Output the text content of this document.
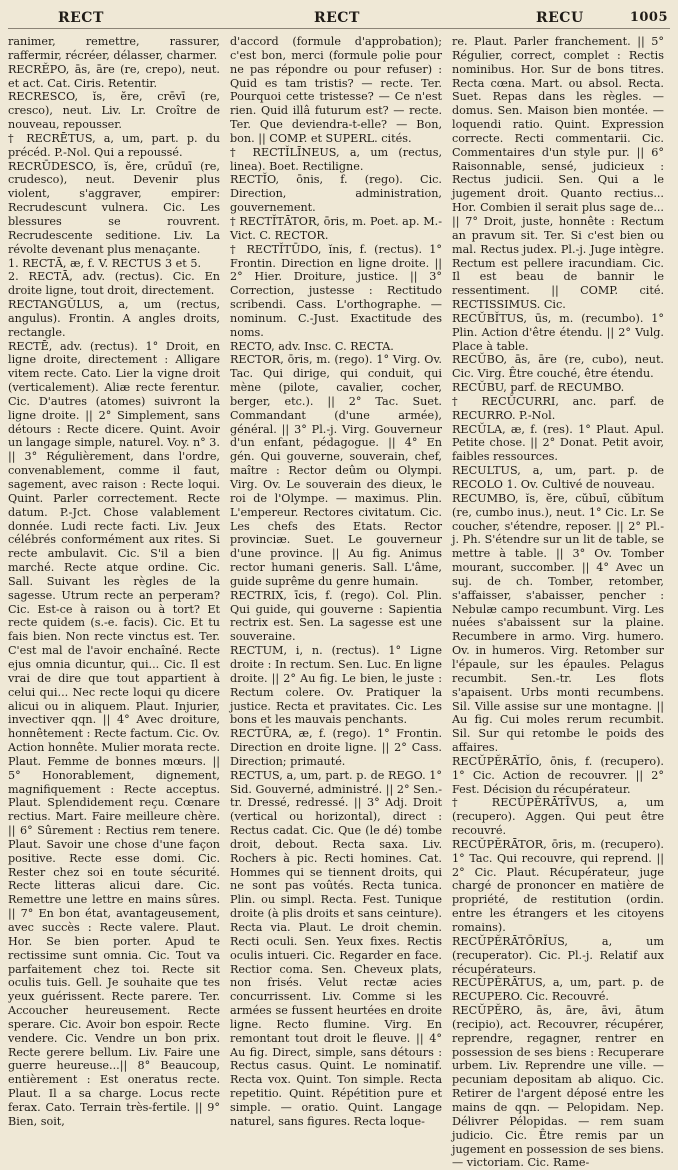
RECT	RECT	RECU	1005

ranimer, remettre, rassurer, raffermir, récréer, délasser, charmer.

RECRĔPO, ās, āre (re, crepo), neut. et act. Cat. Ciris. Retentir.

RECRESCO, ĭs, ĕre, crēvī (re, cresco), neut. Liv. Lr. Croître de nouveau, repousser.

† RECRĒTUS, a, um, part. p. du précéd. P.-Nol. Qui a repoussé.

RECRŪDESCO, ĭs, ĕre, crūduī (re, crudesco), neut. Devenir plus violent, s'aggraver, empirer: Recrudescunt vulnera. Cic. Les blessures se rouvrent. Recrudescente seditione. Liv. La révolte devenant plus menaçante.

1. RECTĀ, æ, f. V. RECTUS 3 et 5.

2. RECTĀ, adv. (rectus). Cic. En droite ligne, tout droit, directement.

RECTANGŬLUS, a, um (rectus, angulus). Frontin. A angles droits, rectangle.

RECTĒ, adv. (rectus). 1° Droit, en ligne droite, directement : Alligare vitem recte. Cato. Lier la vigne droit (verticalement). Aliæ recte ferentur. Cic. D'autres (atomes) suivront la ligne droite. || 2° Simplement, sans détours : Recte dicere. Quint. Avoir un langage simple, naturel. Voy. n° 3. || 3° Régulièrement, dans l'ordre, convenablement, comme il faut, sagement, avec raison : Recte loqui. Quint. Parler correctement. Recte datum. P.-Jct. Chose valablement donnée. Ludi recte facti. Liv. Jeux célébrés conformément aux rites. Si recte ambulavit. Cic. S'il a bien marché. Recte atque ordine. Cic. Sall. Suivant les règles de la sagesse. Utrum recte an perperam? Cic. Est-ce à raison ou à tort? Et recte quidem (s.-e. facis). Cic. Et tu fais bien. Non recte vinctus est. Ter. C'est mal de l'avoir enchaîné. Recte ejus omnia dicuntur, qui... Cic. Il est vrai de dire que tout appartient à celui qui... Nec recte loqui qu dicere alicui ou in aliquem. Plaut. Injurier, invectiver qqn. || 4° Avec droiture, honnêtement : Recte factum. Cic. Ov. Action honnête. Mulier morata recte. Plaut. Femme de bonnes mœurs. || 5° Honorablement, dignement, magnifiquement : Recte acceptus. Plaut. Splendidement reçu. Cœnare rectius. Mart. Faire meilleure chère. || 6° Sûrement : Rectius rem tenere. Plaut. Savoir une chose d'une façon positive. Recte esse domi. Cic. Rester chez soi en toute sécurité. Recte litteras alicui dare. Cic. Remettre une lettre en mains sûres. || 7° En bon état, avantageusement, avec succès : Recte valere. Plaut. Hor. Se bien porter. Apud te rectissime sunt omnia. Cic. Tout va parfaitement chez toi. Recte sit oculis tuis. Gell. Je souhaite que tes yeux guérissent. Recte parere. Ter. Accoucher heureusement. Recte sperare. Cic. Avoir bon espoir. Recte vendere. Cic. Vendre un bon prix. Recte gerere bellum. Liv. Faire une guerre heureuse...|| 8° Beaucoup, entièrement : Est oneratus recte. Plaut. Il a sa charge. Locus recte ferax. Cato. Terrain très-fertile. || 9° Bien, soit,

d'accord (formule d'approbation); c'est bon, merci (formule polie pour ne pas répondre ou pour refuser) : Quid es tam tristis? — recte. Ter. Pourquoi cette tristesse? — Ce n'est rien. Quid illâ futurum est? — recte. Ter. Que deviendra-t-elle? — Bon, bon. || COMP. et SUPERL. cités.

† RECTĬLĪNEUS, a, um (rectus, linea). Boet. Rectiligne.

RECTĬO, ōnis, f. (rego). Cic. Direction, administration, gouvernement.

† RECTĬTĀTOR, ōris, m. Poet. ap. M.-Vict. C. RECTOR.

† RECTĬTŪDO, ĭnis, f. (rectus). 1° Frontin. Direction en ligne droite. || 2° Hier. Droiture, justice. || 3° Correction, justesse : Rectitudo scribendi. Cass. L'orthographe. — nominum. C.-Just. Exactitude des noms.

RECTO, adv. Insc. C. RECTA.

RECTOR, ōris, m. (rego). 1° Virg. Ov. Tac. Qui dirige, qui conduit, qui mène (pilote, cavalier, cocher, berger, etc.). || 2° Tac. Suet. Commandant (d'une armée), général. || 3° Pl.-j. Virg. Gouverneur d'un enfant, pédagogue. || 4° En gén. Qui gouverne, souverain, chef, maître : Rector deûm ou Olympi. Virg. Ov. Le souverain des dieux, le roi de l'Olympe. — maximus. Plin. L'empereur. Rectores civitatum. Cic. Les chefs des Etats. Rector provinciæ. Suet. Le gouverneur d'une province. || Au fig. Animus rector humani generis. Sall. L'âme, guide suprême du genre humain.

RECTRIX, īcis, f. (rego). Col. Plin. Qui guide, qui gouverne : Sapientia rectrix est. Sen. La sagesse est une souveraine.

RECTUM, i, n. (rectus). 1° Ligne droite : In rectum. Sen. Luc. En ligne droite. || 2° Au fig. Le bien, le juste : Rectum colere. Ov. Pratiquer la justice. Recta et pravitates. Cic. Les bons et les mauvais penchants.

RECTŪRA, æ, f. (rego). 1° Frontin. Direction en droite ligne. || 2° Cass. Direction; primauté.

RECTUS, a, um, part. p. de REGO. 1° Sid. Gouverné, administré. || 2° Sen.-tr. Dressé, redressé. || 3° Adj. Droit (vertical ou horizontal), direct : Rectus cadat. Cic. Que (le dé) tombe droit, debout. Recta saxa. Liv. Rochers à pic. Recti homines. Cat. Hommes qui se tiennent droits, qui ne sont pas voûtés. Recta tunica. Plin. ou simpl. Recta. Fest. Tunique droite (à plis droits et sans ceinture). Recta via. Plaut. Le droit chemin. Recti oculi. Sen. Yeux fixes. Rectis oculis intueri. Cic. Regarder en face. Rectior coma. Sen. Cheveux plats, non frisés. Velut rectæ acies concurrissent. Liv. Comme si les armées se fussent heurtées en droite ligne. Recto flumine. Virg. En remontant tout droit le fleuve. || 4° Au fig. Direct, simple, sans détours : Rectus casus. Quint. Le nominatif. Recta vox. Quint. Ton simple. Recta repetitio. Quint. Répétition pure et simple. — oratio. Quint. Langage naturel, sans figures. Recta loque-

re. Plaut. Parler franchement. || 5° Régulier, correct, complet : Rectis nominibus. Hor. Sur de bons titres. Recta cœna. Mart. ou absol. Recta. Suet. Repas dans les règles. — domus. Sen. Maison bien montée. — loquendi ratio. Quint. Expression correcte. Recti commentarii. Cic. Commentaires d'un style pur. || 6° Raisonnable, sensé, judicieux : Rectus judicii. Sen. Qui a le jugement droit. Quanto rectius... Hor. Combien il serait plus sage de... || 7° Droit, juste, honnête : Rectum an pravum sit. Ter. Si c'est bien ou mal. Rectus judex. Pl.-j. Juge intègre. Rectum est pellere iracundiam. Cic. Il est beau de bannir le ressentiment. || COMP. cité. RECTISSIMUS. Cic.

RECŬBĬTUS, ūs, m. (recumbo). 1° Plin. Action d'être étendu. || 2° Vulg. Place à table.

RECŬBO, ās, āre (re, cubo), neut. Cic. Virg. Être couché, être étendu.

RECŬBU, parf. de RECUMBO.

† RECŬCURRI, anc. parf. de RECURRO. P.-Nol.

RECŬLA, æ, f. (res). 1° Plaut. Apul. Petite chose. || 2° Donat. Petit avoir, faibles ressources.

RECULTUS, a, um, part. p. de RECOLO 1. Ov. Cultivé de nouveau.

RECUMBO, ĭs, ĕre, cŭbuī, cŭbĭtum (re, cumbo inus.), neut. 1° Cic. Lr. Se coucher, s'étendre, reposer. || 2° Pl.-j. Ph. S'étendre sur un lit de table, se mettre à table. || 3° Ov. Tomber mourant, succomber. || 4° Avec un suj. de ch. Tomber, retomber, s'affaisser, s'abaisser, pencher : Nebulæ campo recumbunt. Virg. Les nuées s'abaissent sur la plaine. Recumbere in armo. Virg. humero. Ov. in humeros. Virg. Retomber sur l'épaule, sur les épaules. Pelagus recumbit. Sen.-tr. Les flots s'apaisent. Urbs monti recumbens. Sil. Ville assise sur une montagne. || Au fig. Cui moles rerum recumbit. Sil. Sur qui retombe le poids des affaires.

RECŬPĔRĀTĬO, ōnis, f. (recupero). 1° Cic. Action de recouvrer. || 2° Fest. Décision du récupérateur.

† RECŬPĔRĀTĪVUS, a, um (recupero). Aggen. Qui peut être recouvré.

RECŬPĔRĀTOR, ōris, m. (recupero). 1° Tac. Qui recouvre, qui reprend. || 2° Cic. Plaut. Récupérateur, juge chargé de prononcer en matière de propriété, de restitution (ordin. entre les étrangers et les citoyens romains).

RECŬPĔRĀTŌRĬUS, a, um (recuperator). Cic. Pl.-j. Relatif aux récupérateurs.

RECŬPĔRĀTUS, a, um, part. p. de RECUPERO. Cic. Recouvré.

RECŬPĔRO, ās, āre, āvi, ātum (recipio), act. Recouvrer, récupérer, reprendre, regagner, rentrer en possession de ses biens : Recuperare urbem. Liv. Reprendre une ville. — pecuniam depositam ab aliquo. Cic. Retirer de l'argent déposé entre les mains de qqn. — Pelopidam. Nep. Délivrer Pélopidas. — rem suam judicio. Cic. Être remis par un jugement en possession de ses biens. — victoriam. Cic. Rame-
